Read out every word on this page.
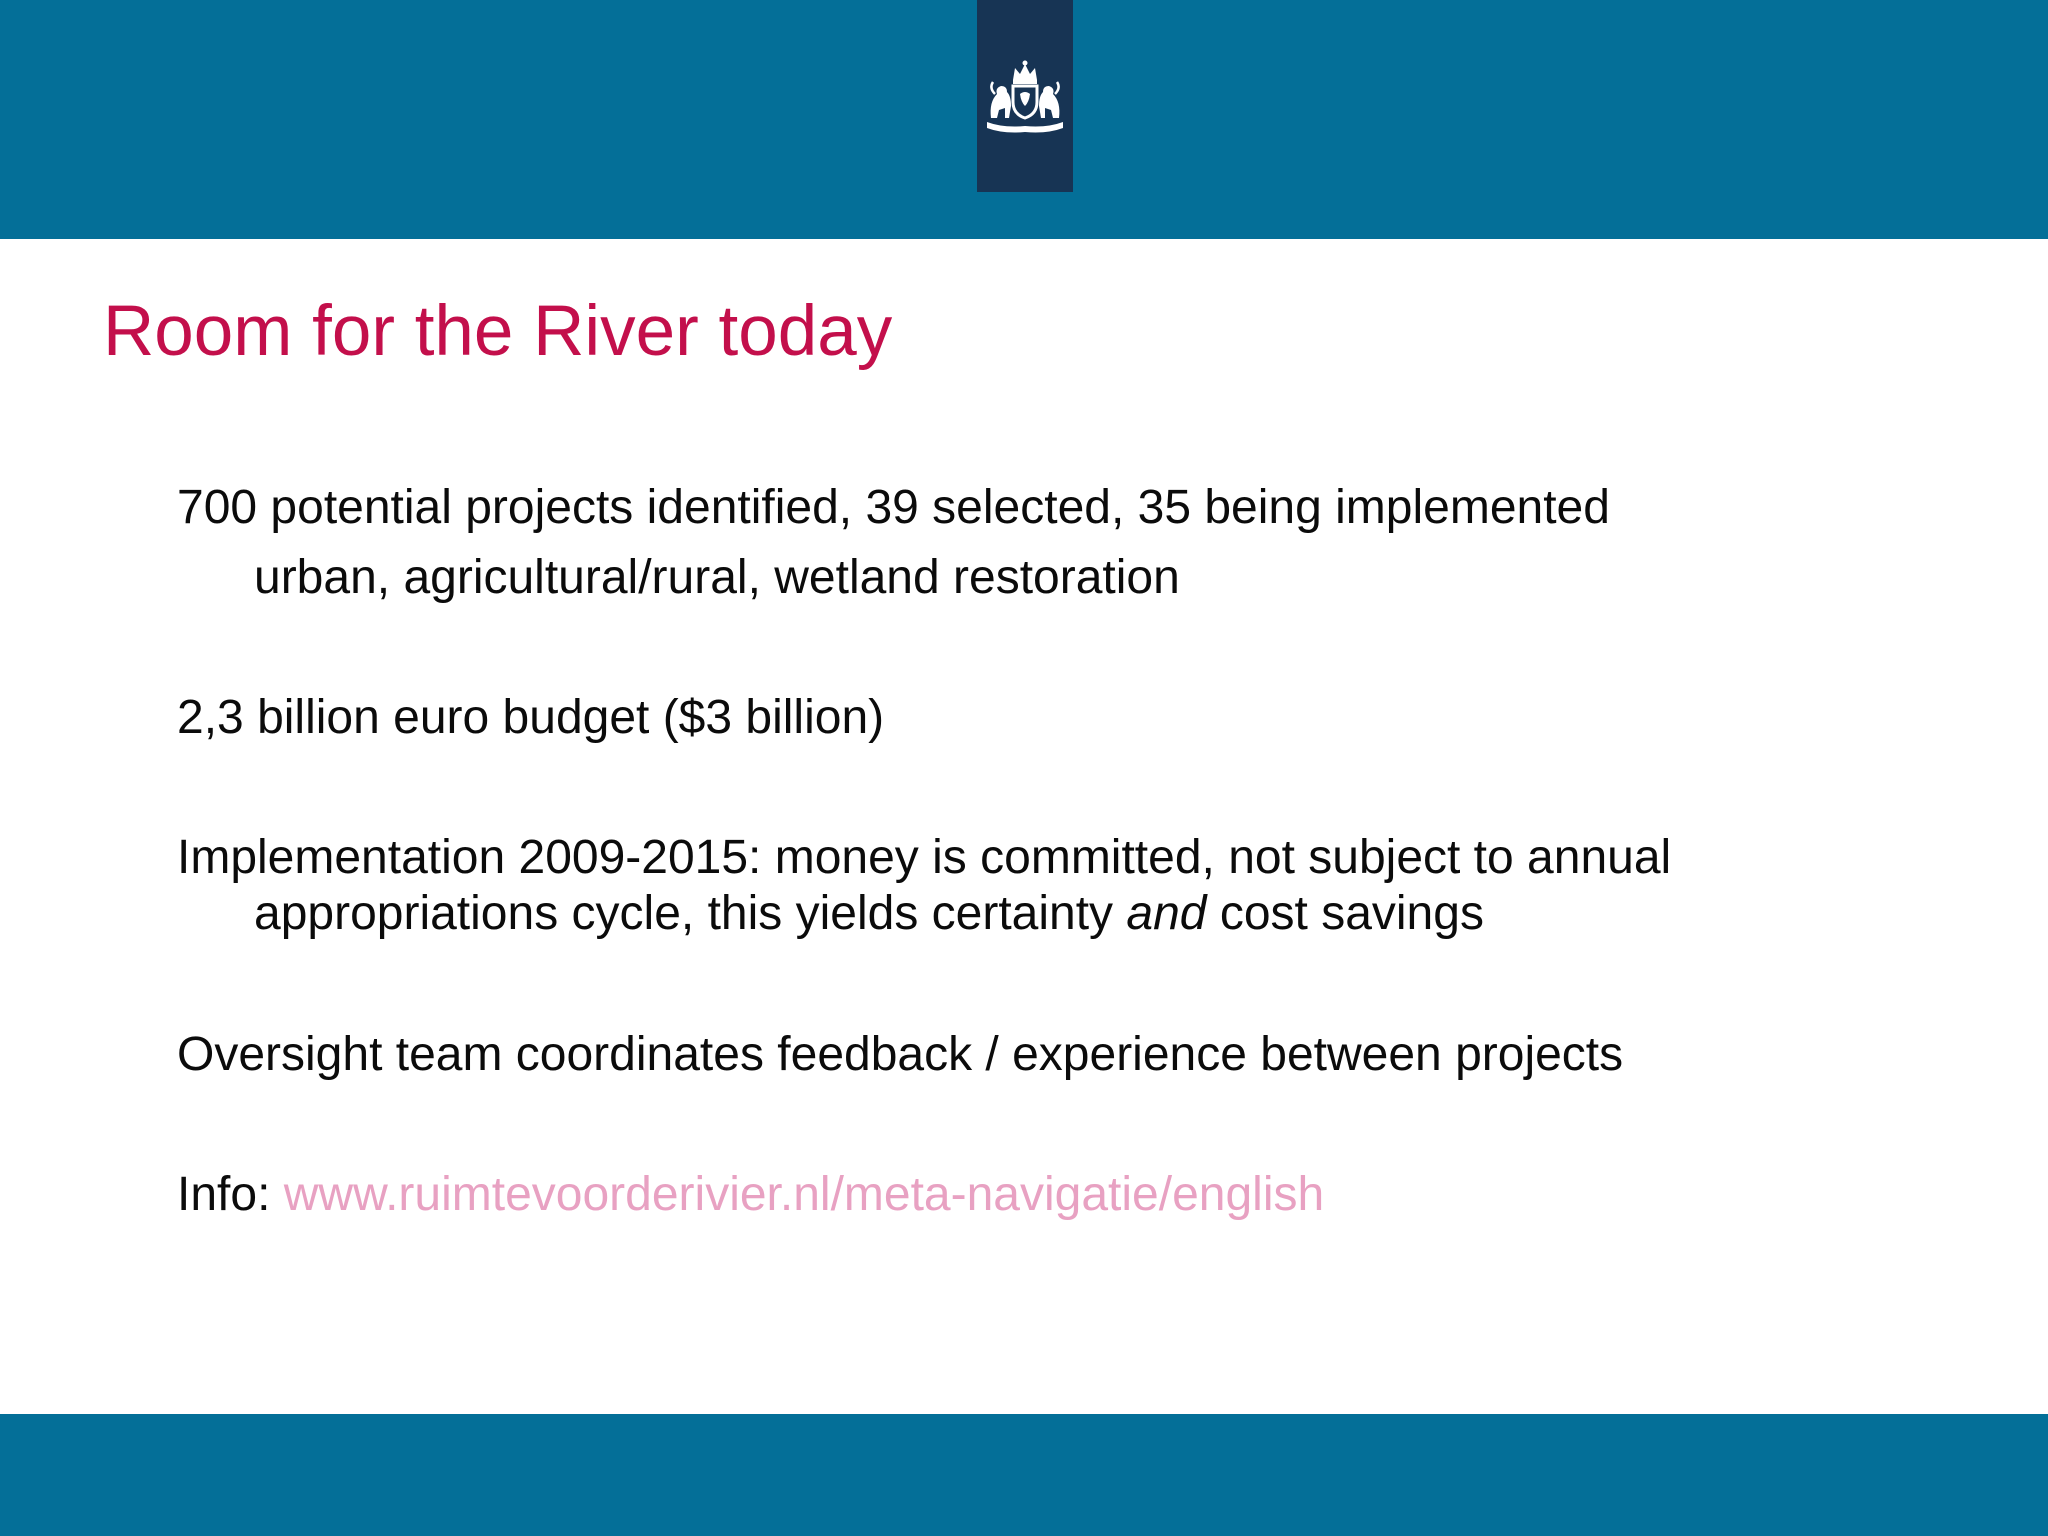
Room for the River today

700 potential projects identified, 39 selected, 35 being implemented
urban, agricultural/rural, wetland restoration

2,3 billion euro budget ($3 billion)

Implementation 2009-2015: money is committed, not subject to annual
appropriations cycle, this yields certainty and cost savings

Oversight team coordinates feedback / experience between projects

Info: www.ruimtevoorderivier.nl/meta-navigatie/english
